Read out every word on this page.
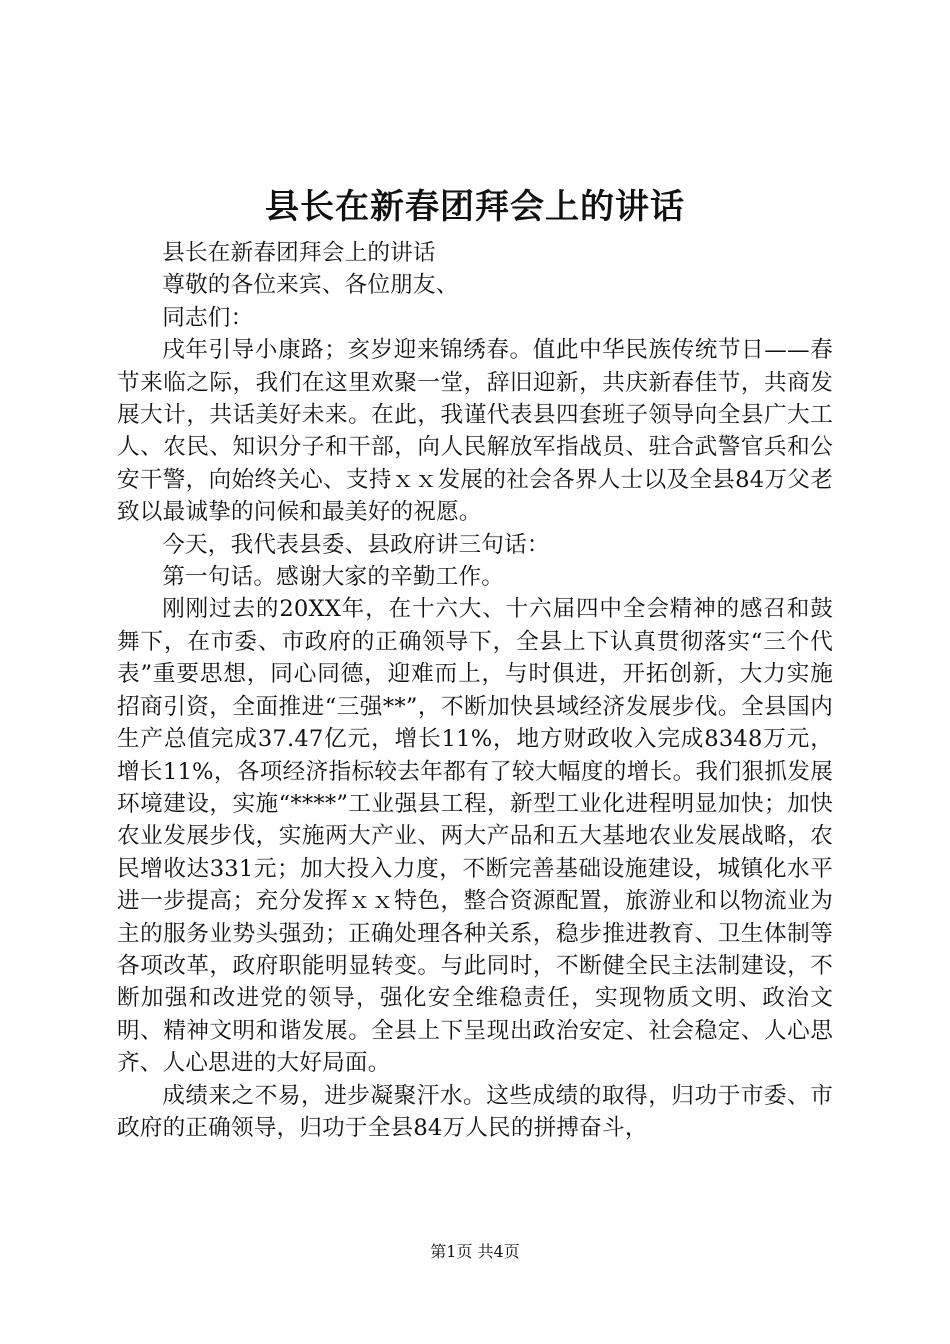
县长在新春团拜会上的讲话

县长在新春团拜会上的讲话

尊敬的各位来宾、各位朋友、

同志们：

戌年引导小康路；亥岁迎来锦绣春。值此中华民族传统节日——春节来临之际，我们在这里欢聚一堂，辞旧迎新，共庆新春佳节，共商发展大计，共话美好未来。在此，我谨代表县四套班子领导向全县广大工人、农民、知识分子和干部，向人民解放军指战员、驻合武警官兵和公安干警，向始终关心、支持ｘｘ发展的社会各界人士以及全县84万父老致以最诚挚的问候和最美好的祝愿。

今天，我代表县委、县政府讲三句话：

第一句话。感谢大家的辛勤工作。

刚刚过去的20XX年，在十六大、十六届四中全会精神的感召和鼓舞下，在市委、市政府的正确领导下，全县上下认真贯彻落实“三个代表”重要思想，同心同德，迎难而上，与时俱进，开拓创新，大力实施招商引资，全面推进“三强**”，不断加快县域经济发展步伐。全县国内生产总值完成37.47亿元，增长11%，地方财政收入完成8348万元，增长11%，各项经济指标较去年都有了较大幅度的增长。我们狠抓发展环境建设，实施“****”工业强县工程，新型工业化进程明显加快；加快农业发展步伐，实施两大产业、两大产品和五大基地农业发展战略，农民增收达331元；加大投入力度，不断完善基础设施建设，城镇化水平进一步提高；充分发挥ｘｘ特色，整合资源配置，旅游业和以物流业为主的服务业势头强劲；正确处理各种关系，稳步推进教育、卫生体制等各项改革，政府职能明显转变。与此同时，不断健全民主法制建设，不断加强和改进党的领导，强化安全维稳责任，实现物质文明、政治文明、精神文明和谐发展。全县上下呈现出政治安定、社会稳定、人心思齐、人心思进的大好局面。

成绩来之不易，进步凝聚汗水。这些成绩的取得，归功于市委、市政府的正确领导，归功于全县84万人民的拼搏奋斗，

第1页 共4页
